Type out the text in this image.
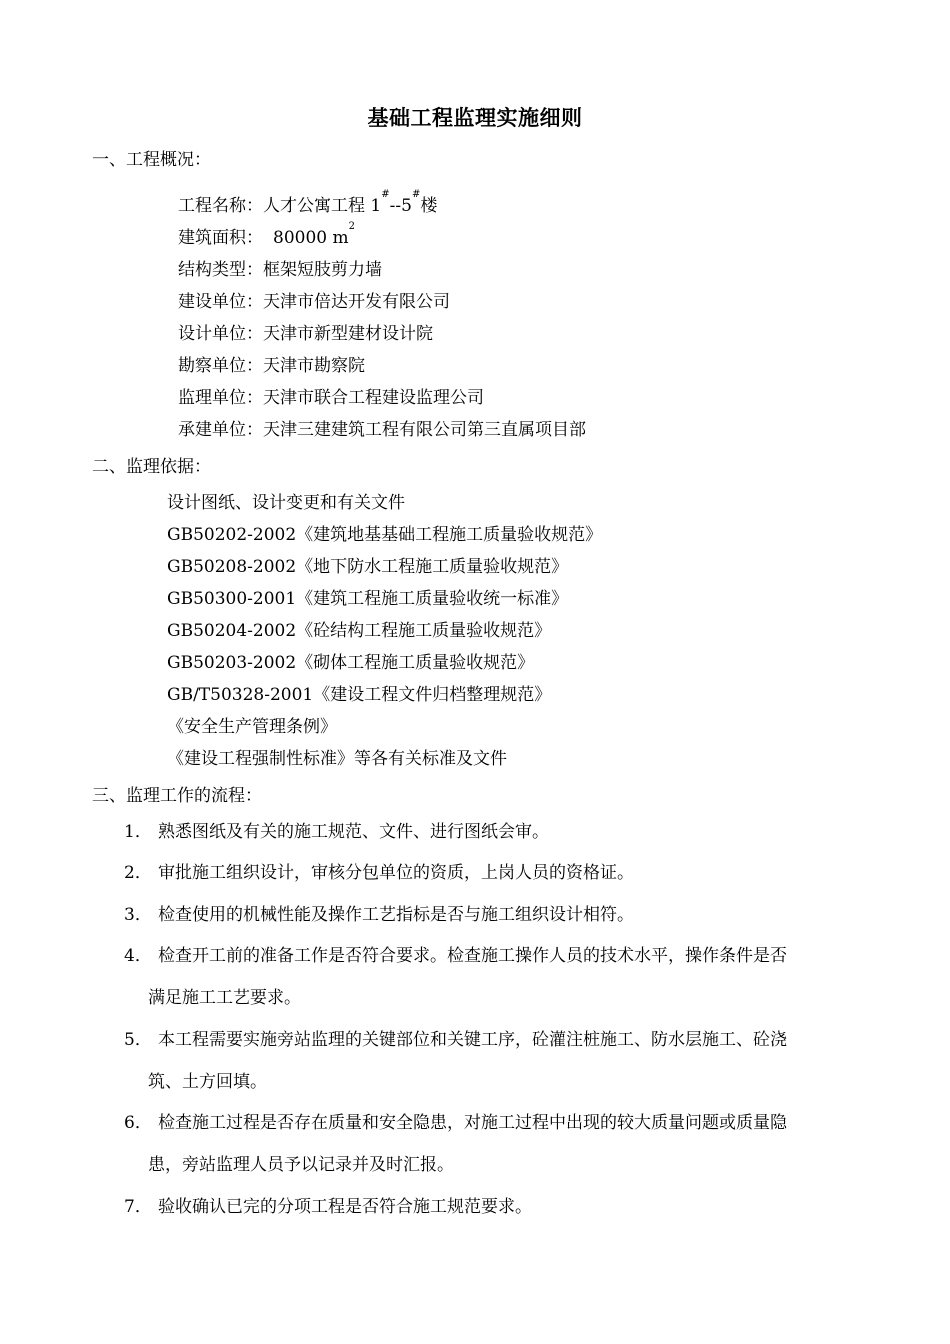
基础工程监理实施细则
一、工程概况：
工程名称：人才公寓工程 1#--5#楼
建筑面积： 80000 $m^2$
结构类型：框架短肢剪力墙
建设单位：天津市倍达开发有限公司
设计单位：天津市新型建材设计院
勘察单位：天津市勘察院
监理单位：天津市联合工程建设监理公司
承建单位：天津三建建筑工程有限公司第三直属项目部
二、监理依据：
设计图纸、设计变更和有关文件
GB50202-2002《建筑地基基础工程施工质量验收规范》
GB50208-2002《地下防水工程施工质量验收规范》
GB50300-2001《建筑工程施工质量验收统一标准》
GB50204-2002《砼结构工程施工质量验收规范》
GB50203-2002《砌体工程施工质量验收规范》
GB/T50328-2001《建设工程文件归档整理规范》
《安全生产管理条例》
《建设工程强制性标准》等各有关标准及文件
三、监理工作的流程：
1． 熟悉图纸及有关的施工规范、文件、进行图纸会审。
2． 审批施工组织设计，审核分包单位的资质，上岗人员的资格证。
3． 检查使用的机械性能及操作工艺指标是否与施工组织设计相符。
4． 检查开工前的准备工作是否符合要求。检查施工操作人员的技术水平，操作条件是否
满足施工工艺要求。
5． 本工程需要实施旁站监理的关键部位和关键工序，砼灌注桩施工、防水层施工、砼浇
筑、土方回填。
6． 检查施工过程是否存在质量和安全隐患，对施工过程中出现的较大质量问题或质量隐
患，旁站监理人员予以记录并及时汇报。
7． 验收确认已完的分项工程是否符合施工规范要求。
